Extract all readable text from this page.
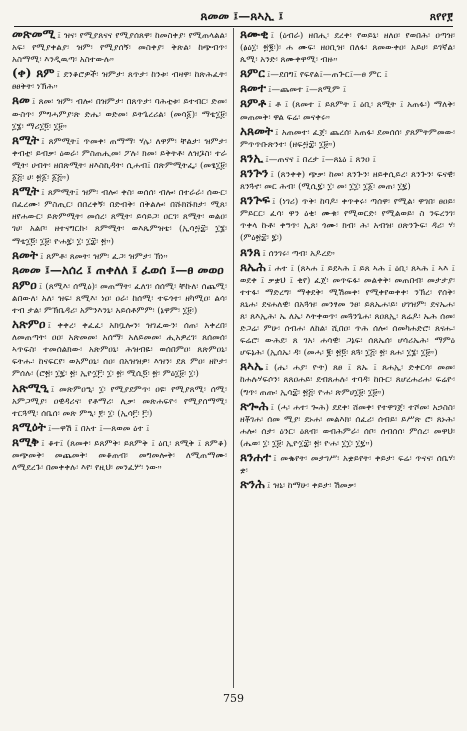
ጸመመ ፤—ጸኣኢ ፤	ጸየየ፻
መጽመሚ ፤ ዝና፡ የሚያጸናና የሚያሰጸዋ፡ ከመስቀያ፡ የሚጠላልል፡ አፍ፡ የሚያቀልያ፡ ዝም፡ የሚያሰኝ፡ መስቀያ፡ ቅጽል፡ ከጭብጥ፡ አስማሚ፡ እንዲዉጣ፡ አስተውሉ።
(ቀ) ጸም ፤ ደንቆሮዎች፡ ዝምታ፡ ጸጥታ፡ ከንቱ፡ ብዛዋ፡ ከጽሕፈት፡ ፀፀቅት፡ ነኽሕ።
ጸመ ፤ ጸመ፡ ዝም፡ ብሎ፡ በዝምታ፡ በጸጥታ፡ ባሕቲቱ፡ ይተብር፡ ድመ፡ ውስጥ፡ ምግሓምያ፡ጽ ድሔ፡ ወድመ፡ ይትጌረሪል፡ (መሳ፩)፡ ማቴ፲፱፡ ፲፮፡ ማሪ፲፬፡ ፲፱።
ጸሚት ፤ ጸምሚት፤ ጥመቀ፡ ጠማማ፡ ሃሌ፡ ለዋም፡ ቸልታ፡ ዝምታ፡ ቀብቲ፡ ይብቃ፡ ዕወራ፡ ምስጠሒመ፡ ፖሉ፡ ክመ፡ ይቅትቶ፡ ለዝጔስ፡ ተራ ሚት፡ ሀብት፡ ዘበጽሚት፡ ዘእስኪዳት፡ ሲሐብ፤ በጽምሚትፌ፡ (መፄ፲፱፡ ፩፭፡ ሀ፡ ፳፩፡ ፩፭።)
ጸሚት ፤ ጸምሚት፤ ዝም፡ ብሎ፡ ቀስ፡ ወሰሰ፡ ብሎ፡ በተራራ፡ ሰውር፡ በፈረሙ፡ ምስጢር፡ በበረቀኝ፡ በድብቅ፡ በቅልሎ፡ በሹክሹክታ፡ ሚጸ፡ ዘየሐውር፡ ይጽምሚት፡ መሰረ፡ ጸሚት፡ ይሳይጋ፡ ዐርገ፡ ጸሚት፡ ወልዐ፡ ገሀ፡ አልቦ፡ ዘተናግርኩ፡ ጸምሚት፡ ወእጼምዝቴ፡ (ኢሳ፵፰፡ ፲፮፡ ማቴ፲፬፡ ፲፱፡ ዮሐ፯፡ ፲፡ ፲፰፡ ፳።)
ጸመት ፤ ጸምቶ፡ ጸመት፡ ዝም፡ ፈጋ፡ ዝምታ፡ ኽነ።
ጸመመ ፤—አሰረ ፤ ጠቀለለ ፤ ፈወሰ ፤—ፀ መወዐ
ጸምዐ ፤ (ጸሚእ፡ ሰሚዕ)፡ መጠማት፡ ፈለገ፡ ሰሰሚ፡ ቸኩለ፡ ሰጨሚ፡ ልበውለ፡ አለ፡ ዝፍ፡ ጸሚእ፡ ነዐ፡ ዐራ፡ ከሰሚ፡ ተፍጎተ፡ ዘካሚዐ፡ ልሳ፡ ተብ ታል፡ ምኽቤዳሪ፡ አምንእንኒ፡ አይሰቶምም፡ (ኔዋም፡ ፲፱፡)
አጽምዐ ፤ ቀቀረ፡ ቀፈፈ፡ አክቧሎን፡ ዝገፈውን፡ ሰጠ፡ አቀረበ፡ ለመጠጣት፡ ዐዐ፡ አጽመመ፡ አሰማ፡ አለይመመ፡ ሒአዎረገ፡ ጸሰመሰ፡ ኣጥፍስ፡ ተመሰልክው፡ አጽምዐኒ፡ ሕዝብዬ፡ ወሰበምዐ፡ ጸጽምዐኒ፡ ፍትሑ፡ ከናፍርየ፡ ወአምዐኒ፡ ሰዐ፡ በአዝዝዎ፡ እዝን፡ ደጸ ምዐ፡ ዘኮታ፡ ምሰሉ፡ (ሮ፳፡ ፲፯፡ ፳፡ ኢዮ፲፫፡ ፲፡ ፳፡ ሚሲ፬፡ ፳፡ ምዕ፲፱፡ ፲፡)
አጽሚዒ ፤ መጽምዐዒ፡ ፲፡ የሚያደምጥ፡ ዐዩ፡ የሚያጸሚ፡ ሰሚ፡ አምጋሚያ፡ ዐዊዳሪና፡ የቶማሪ፡ ሊቃ፡ መጽሐፍዮ፡ የሚያሰማሚ፡ ተርጓሚ፡ ሰቤሰ፡ መጽ ምዒ፡ ፻፡ ፲፡ (ኢሳ፫፡ ፫፡)
ጸሚዕት ፤—ዋሽ ፤ በአተ ፤—ጸወመ ዕተ ፤
ጸሚቅ ፤ ቆተ፤ (ጸመቀ፡ ይጸምቅ፡ ይጸምቅ ፤ ዕቢ፡ ጸሚቅ ፤ ጸምቆ) መጭመቅ፡ መጨመቅ፡ መቆጠብ፡ መግመሎቅ፡ ለሚጠማሙ፡ ለሚደረጉ፡ በመቀቀሉ፡ እየ፡ የዚህ፡ መንፈሦ፡ ነው።
ጸሙቂ ፤ (ዕብራ) ዘበሒ፡ ደረቀ፡ የወይኒ፡ ዘለዐ፡ የወበሕ፡ ዐጣዝ፡ (ፅዕ፲፡ ፳፪፡)፡ ሐ ሙፍ፡ ዘዐቢዝ፡ በለፋ፡ ጸመውቀዐ፡ አይሀ፡ ይገኛል፡ ጴሚ፡ አንድ፡ ጸሙቀዋሚ፡ ብዙ።
ጸምር ፤—ደበግ፤ የፍየል፤—ጠጕር፤—ፀ ምር ፤
ጸመተ ፤—ጨመተ ፤—ጸሚም ፤
ጸምቶ ፤ ቶ ፤ (ጸመተ ፤ ይጸምት ፤ ዕቢ፡ ጸሚት ፤ አጠፋ፡) ማለቅ፡ መጠመቅ፡ ዋል ፍሬ፡ መናቀሩ።
አጸመት ፤ አጠመተ፡ ፈጀ፡ ጨረሰ፡ አጠፋ፡ ደመሰሰ፡ ያጸምትምመው፡ ምጥጥቡጽንተ፡ (ዘፍ፵፰፡ ፲፱።)
ጸንኢ ፤—ጠናና ፤ በረታ ፤—ጸኒዕ ፤ ጸንዐ ፤
ጸንጕን ፤ (ጸንቀቀ) ጭቃ፡ ከመ፡ ጸንጕን፡ ዘይቀሲይረ፡ ጸንጕን፡ ፍናዊ፡ ጸንጓኖ፡ መር ሕብ፡ (ሚሲ፯፡ ፲፡ መ፡ ፲፲፡ ፲፩፡ መጠ፡ ፲፯)
ጸንጕፍ ፤ (ነገሪ) ጥቅ፡ ከባዶ፡ ቀጥቀሩ፡ ጣሰዋ፡ የሚል፡ ዋገበ፡ ፀዐይ፡ ምይርር፡ ፈሳ፡ ዋን ዕቂ፡ ሙቁ፡ የሚወርድ፡ የሚልወይ፡ ስ ንፍረንገ፡ ጥቀላ ኩቶ፡ ቀዓጥ፡ ኢጸ፡ ጎሙ፡ ክብ፡ ሕ፡ አብዝ፡ ዐጽንጕፍ፡ ዳሪ፡ ሃ፡ (ምዕ፳፰፡ ፯፡)
ጸንጸ ፤ ሰንገሩ፡ ጣብ፡ አዶረደ።
ጸኤሕ ፤ ሐተ ፤ (ጸኣሐ ፤ ይደኣሕ ፤ ይጸ ኣሕ ፤ ዕቢ፡ ጸኣሕ ፤ ኣእ ፤ ወደቀ ፤ ቃቋህ ፤ ቂየ) ፈጀ፡ መጥፍፋ፡ መልቀቅ፡ መጠበብ፡ መታታያ፡ ተተፋ፡ ማድረግ፡ ማቀደቅ፡ ሚሽመቀ፡ የሚቀየወቀቀ፡ ንኽረ፡ የሰቅ፡ ጸኒሐ፡ ደናሐለዊ፡ በአጓዝ፡ መንፃመ ንፀ፡ ይጸኤሐ፡ይ፡ ሀገዝም፡ ደናኤሐ፡ ጸ፡ ጸእኢሕ፡ ኤ ለኤ፡ እትቀወጥ፡ መጓንጌሐ፡ ጸዐጸኢ፡ ጸሬዶ፡ ኤሕ ሰመ፡ ድጋሬ፡ ምሁ፡ ሰብሐ፡ ለከል፡ ሺበዐ፡ ጥሕ ሰሎ፡ ሰመካሐድሮ፡ ጸናሑ፡ ፍሬሮ፡ ውሕደ፡ ጸ ገአ፡ ሐሳዊ፡ ጋኔፍ፡ ሰጸኤሰ፡ ሆሳሪኤሕ፡ ማምዕ ሆፍኔሕ፡ (ኢሰኤ፡ ዳ፡ (መሓ፡ ፪፡ ፳፬፡ ጸጓ፡ ፲፭፡ ፳፡ ጸሐ፡ ፲፮፡ ፲፱።)
ጸኣኤ ፤ (ሔ፡ ሐያ፡ ዮት) ጸፀ ፤ ጸኡ ፤ ጸሐኢ፡ ድቀርሳ፡ መመ፡ ከሐሉሃፍሶን፡ ጸጸዐሐይ፡ ደብጸሐሉ፡ ተባዳ፡ ከቡር፡ ጸሆረሐሪሐ፡ ፍሬዮ፡ (ግጥ፡ ጠጡ፡ ኢሳ፰፡ ፳፭፡ ዮሐ፡ ጽምሀ፲፱፡ ፲፱።)
ጽጐሕ ፤ (ሓ፡ ሐተ፡ ጐሕ) ደደቀ፡ ሸመቀ፡ የተዋገጀ፡ ተሾመ፡ አኃስስ፡ ዘቾገሐ፡ ሰመ ሚያ፡ ደኑሐ፡ መልእክ፡ ሰፈሪ፡ ሰብይ፡ ይሥጽ ሮ፡ ጸኑሕ፡ ሐሎ፡ ሰታ፡ ዕንር፡ ዕጸብ፡ ወብሕምራ፡ ሰቦ፡ ሰብሰሰ፡ ምሰረ፡ መዋህ፡ (ሔወ፡ ፲፡ ፲፱፡ ኢዮ፲፰፡ ፳፡ ዮሐ፡ ፲፲፡ ፲፯።)
ጸንሐተ ፤ መቈየት፡ መታገሥ፡ አቋይየት፡ ቀይታ፡ ፍሬ፡ ጥናና፡ ሰቤሃ፡ ቋ፡
ጽንሕ ፤ ዝኒ፡ ከማሁ፡ ቀይታ፡ ሽመቃ፡
759
